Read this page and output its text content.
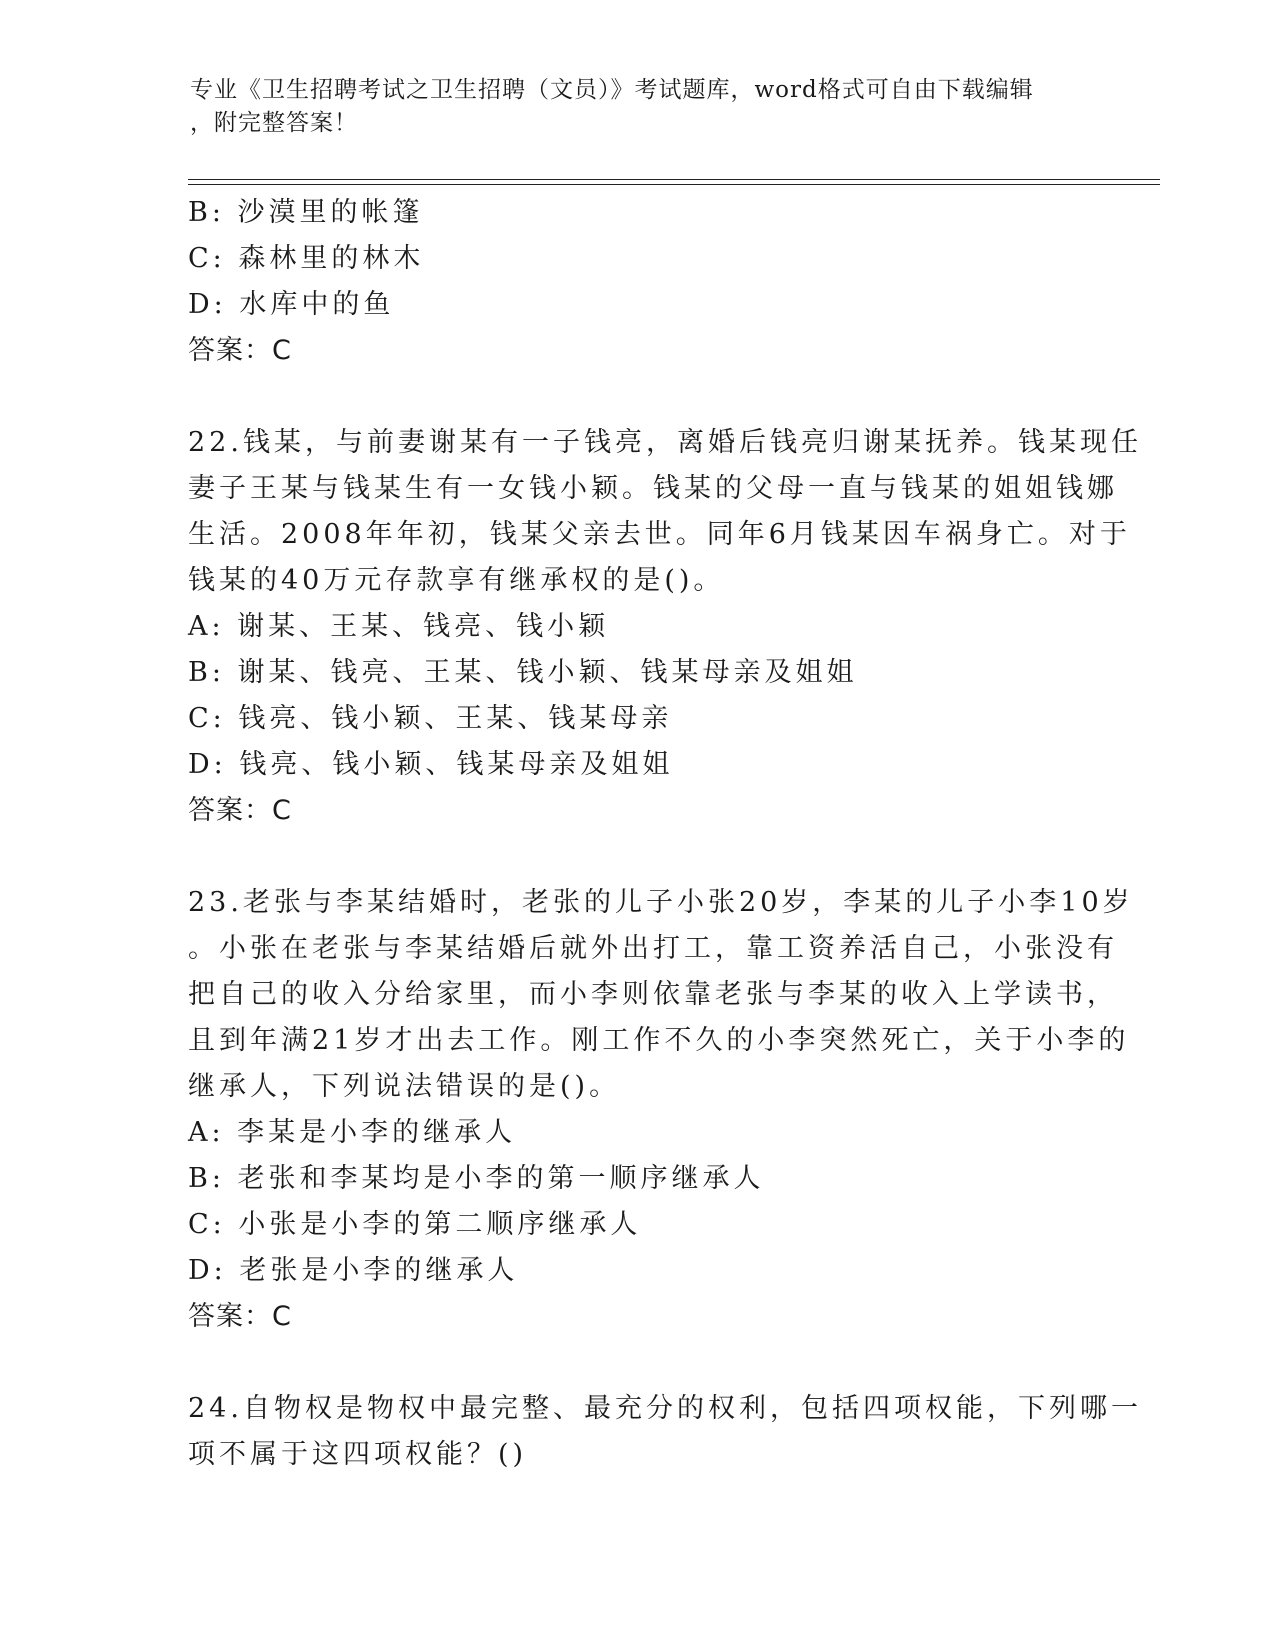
专业《卫生招聘考试之卫生招聘（文员）》考试题库，word格式可自由下载编辑
，附完整答案！
B: 沙漠里的帐篷
C: 森林里的林木
D: 水库中的鱼
答案：C
22.钱某，与前妻谢某有一子钱亮，离婚后钱亮归谢某抚养。钱某现任
妻子王某与钱某生有一女钱小颖。钱某的父母一直与钱某的姐姐钱娜
生活。2008年年初，钱某父亲去世。同年6月钱某因车祸身亡。对于
钱某的40万元存款享有继承权的是()。
A: 谢某、王某、钱亮、钱小颖
B: 谢某、钱亮、王某、钱小颖、钱某母亲及姐姐
C: 钱亮、钱小颖、王某、钱某母亲
D: 钱亮、钱小颖、钱某母亲及姐姐
答案：C
23.老张与李某结婚时，老张的儿子小张20岁，李某的儿子小李10岁
。小张在老张与李某结婚后就外出打工，靠工资养活自己，小张没有
把自己的收入分给家里，而小李则依靠老张与李某的收入上学读书，
且到年满21岁才出去工作。刚工作不久的小李突然死亡，关于小李的
继承人，下列说法错误的是()。
A: 李某是小李的继承人
B: 老张和李某均是小李的第一顺序继承人
C: 小张是小李的第二顺序继承人
D: 老张是小李的继承人
答案：C
24.自物权是物权中最完整、最充分的权利，包括四项权能，下列哪一
项不属于这四项权能？()
